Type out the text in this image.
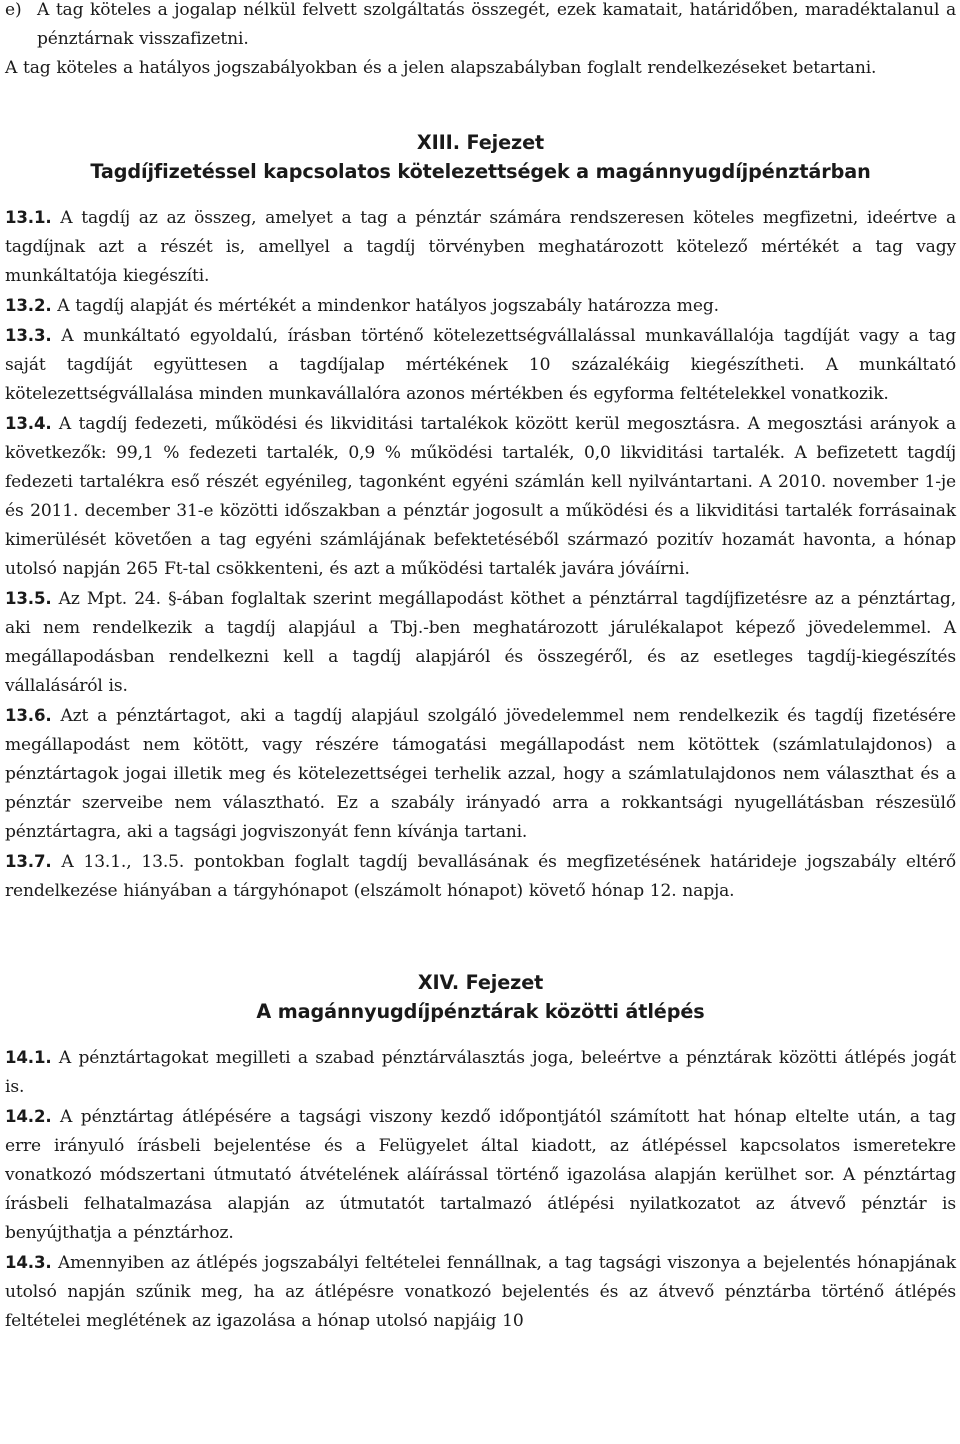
e) A tag köteles a jogalap nélkül felvett szolgáltatás összegét, ezek kamatait, határidőben, maradéktalanul a pénztárnak visszafizetni.

A tag köteles a hatályos jogszabályokban és a jelen alapszabályban foglalt rendelkezéseket betartani.

XIII. Fejezet
Tagdíjfizetéssel kapcsolatos kötelezettségek a magánnyugdíjpénztárban

13.1. A tagdíj az az összeg, amelyet a tag a pénztár számára rendszeresen köteles megfizetni, ideértve a tagdíjnak azt a részét is, amellyel a tagdíj törvényben meghatározott kötelező mértékét a tag vagy munkáltatója kiegészíti.

13.2. A tagdíj alapját és mértékét a mindenkor hatályos jogszabály határozza meg.

13.3. A munkáltató egyoldalú, írásban történő kötelezettségvállalással munkavállalója tagdíját vagy a tag saját tagdíját együttesen a tagdíjalap mértékének 10 százalékáig kiegészítheti. A munkáltató kötelezettségvállalása minden munkavállalóra azonos mértékben és egyforma feltételekkel vonatkozik.

13.4. A tagdíj fedezeti, működési és likviditási tartalékok között kerül megosztásra. A megosztási arányok a következők: 99,1 % fedezeti tartalék, 0,9 % működési tartalék, 0,0 likviditási tartalék. A befizetett tagdíj fedezeti tartalékra eső részét egyénileg, tagonként egyéni számlán kell nyilvántartani. A 2010. november 1-je és 2011. december 31-e közötti időszakban a pénztár jogosult a működési és a likviditási tartalék forrásainak kimerülését követően a tag egyéni számlájának befektetéséből származó pozitív hozamát havonta, a hónap utolsó napján 265 Ft-tal csökkenteni, és azt a működési tartalék javára jóváírni.

13.5. Az Mpt. 24. §-ában foglaltak szerint megállapodást köthet a pénztárral tagdíjfizetésre az a pénztártag, aki nem rendelkezik a tagdíj alapjául a Tbj.-ben meghatározott járulékalapot képező jövedelemmel. A megállapodásban rendelkezni kell a tagdíj alapjáról és összegéről, és az esetleges tagdíj-kiegészítés vállalásáról is.

13.6. Azt a pénztártagot, aki a tagdíj alapjául szolgáló jövedelemmel nem rendelkezik és tagdíj fizetésére megállapodást nem kötött, vagy részére támogatási megállapodást nem kötöttek (számlatulajdonos) a pénztártagok jogai illetik meg és kötelezettségei terhelik azzal, hogy a számlatulajdonos nem választhat és a pénztár szerveibe nem választható. Ez a szabály irányadó arra a rokkantsági nyugellátásban részesülő pénztártagra, aki a tagsági jogviszonyát fenn kívánja tartani.

13.7. A 13.1., 13.5. pontokban foglalt tagdíj bevallásának és megfizetésének határideje jogszabály eltérő rendelkezése hiányában a tárgyhónapot (elszámolt hónapot) követő hónap 12. napja.

XIV. Fejezet
A magánnyugdíjpénztárak közötti átlépés

14.1. A pénztártagokat megilleti a szabad pénztárválasztás joga, beleértve a pénztárak közötti átlépés jogát is.

14.2. A pénztártag átlépésére a tagsági viszony kezdő időpontjától számított hat hónap eltelte után, a tag erre irányuló írásbeli bejelentése és a Felügyelet által kiadott, az átlépéssel kapcsolatos ismeretekre vonatkozó módszertani útmutató átvételének aláírással történő igazolása alapján kerülhet sor. A pénztártag írásbeli felhatalmazása alapján az útmutatót tartalmazó átlépési nyilatkozatot az átvevő pénztár is benyújthatja a pénztárhoz.

14.3. Amennyiben az átlépés jogszabályi feltételei fennállnak, a tag tagsági viszonya a bejelentés hónapjának utolsó napján szűnik meg, ha az átlépésre vonatkozó bejelentés és az átvevő pénztárba történő átlépés feltételei meglétének az igazolása a hónap utolsó napjáig 10
